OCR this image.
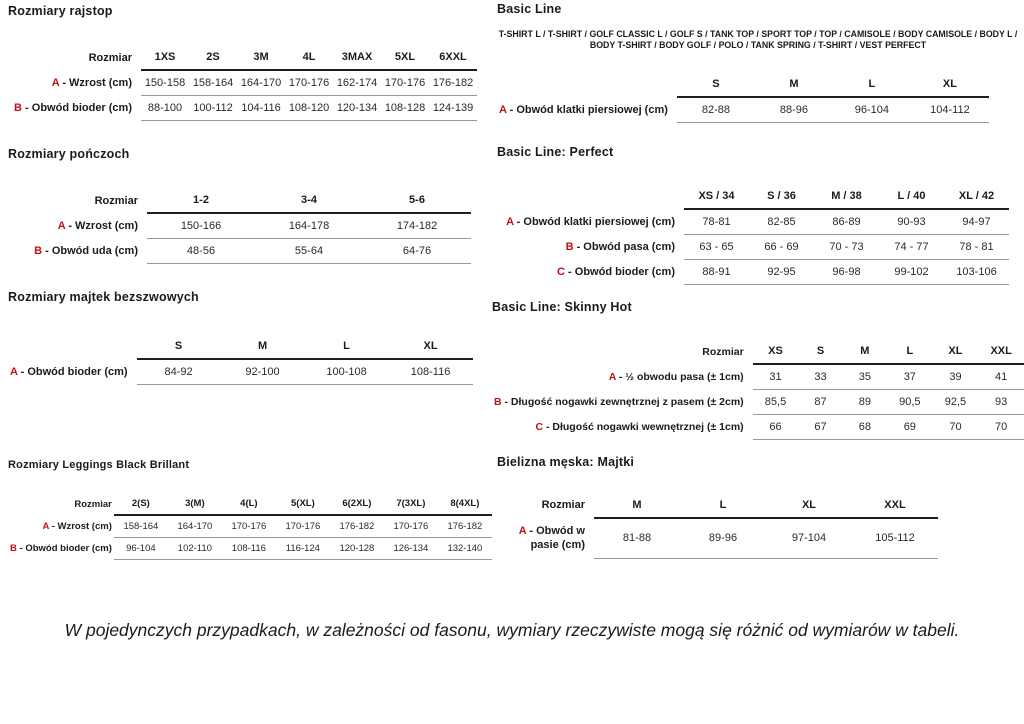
Rozmiary rajstop
Rozmiar	1XS	2S	3M	4L	3MAX	5XL	6XXL
A - Wzrost (cm)	150-158	158-164	164-170	170-176	162-174	170-176	176-182
B - Obwód bioder (cm)	88-100	100-112	104-116	108-120	120-134	108-128	124-139
Rozmiary pończoch
Rozmiar	1-2	3-4	5-6
A - Wzrost (cm)	150-166	164-178	174-182
B - Obwód uda (cm)	48-56	55-64	64-76
Rozmiary majtek bezszwowych
	S	M	L	XL
A - Obwód bioder (cm)	84-92	92-100	100-108	108-116
Rozmiary Leggings Black Brillant
Rozmiar	2(S)	3(M)	4(L)	5(XL)	6(2XL)	7(3XL)	8(4XL)
A - Wzrost (cm)	158-164	164-170	170-176	170-176	176-182	170-176	176-182
B - Obwód bioder (cm)	96-104	102-110	108-116	116-124	120-128	126-134	132-140
Basic Line

T-SHIRT L / T-SHIRT / GOLF CLASSIC L / GOLF S / TANK TOP / SPORT TOP / TOP / CAMISOLE / BODY CAMISOLE / BODY L / BODY T-SHIRT / BODY GOLF / POLO / TANK SPRING / T-SHIRT / VEST PERFECT

	S	M	L	XL
A - Obwód klatki piersiowej (cm)	82-88	88-96	96-104	104-112
Basic Line: Perfect
	XS / 34	S / 36	M / 38	L / 40	XL / 42
A - Obwód klatki piersiowej (cm)	78-81	82-85	86-89	90-93	94-97
B - Obwód pasa (cm)	63 - 65	66 - 69	70 - 73	74 - 77	78 - 81
C - Obwód bioder (cm)	88-91	92-95	96-98	99-102	103-106
Basic Line: Skinny Hot
Rozmiar	XS	S	M	L	XL	XXL
A - ½ obwodu pasa (± 1cm)	31	33	35	37	39	41
B - Długość nogawki zewnętrznej z pasem (± 2cm)	85,5	87	89	90,5	92,5	93
C - Długość nogawki wewnętrznej (± 1cm)	66	67	68	69	70	70
Bielizna męska: Majtki
Rozmiar	M	L	XL	XXL
A - Obwód w pasie (cm)	81-88	89-96	97-104	105-112
W pojedynczych przypadkach, w zależności od fasonu, wymiary rzeczywiste mogą się różnić od wymiarów w tabeli.
